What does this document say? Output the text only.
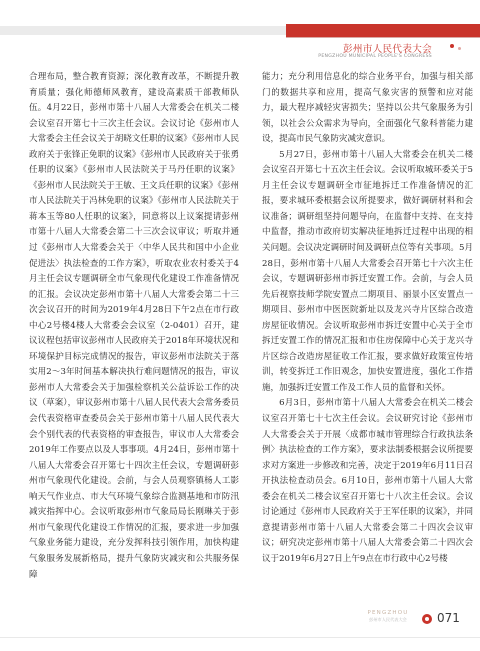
彭州市人民代表大会
PENGZHOU MUNICIPAL PEOPLE'S CONGRESS

合理布局，整合教育资源；深化教育改革，不断提升教育质量；强化师德师风教育，建设高素质干部教师队伍。4月22日，彭州市第十八届人大常委会在机关二楼会议室召开第七十三次主任会议。会议讨论《彭州市人大常委会主任会议关于胡晓文任职的议案》《彭州市人民政府关于张锋正免职的议案》《彭州市人民政府关于张勇任职的议案》《彭州市人民法院关于马丹任职的议案》《彭州市人民法院关于王敏、王文兵任职的议案》《彭州市人民法院关于冯林免职的议案》《彭州市人民法院关于蒋本玉等80人任职的议案》，同意将以上议案提请彭州市第十八届人大常委会第二十三次会议审议；听取并通过《彭州市人大常委会关于〈中华人民共和国中小企业促进法〉执法检查的工作方案》，听取农业农村委关于4月主任会议专题调研全市气象现代化建设工作准备情况的汇报。会议决定彭州市第十八届人大常委会第二十三次会议召开的时间为2019年4月28日下午2点在市行政中心2号楼4楼人大常委会会议室（2-0401）召开，建议议程包括审议彭州市人民政府关于2018年环境状况和环境保护目标完成情况的报告，审议彭州市法院关于落实用2～3年时间基本解决执行难问题情况的报告，审议彭州市人大常委会关于加强检察机关公益诉讼工作的决议（草案），审议彭州市第十八届人民代表大会常务委员会代表资格审查委员会关于彭州市第十八届人民代表大会个别代表的代表资格的审查报告，审议市人大常委会2019年工作要点以及人事事项。4月24日，彭州市第十八届人大常委会召开第七十四次主任会议，专题调研彭州市气象现代化建设。会前，与会人员观察镇杨人工影响天气作业点、市大气环境气象综合监测基地和市防汛减灾指挥中心。会议听取彭州市气象局局长刚琳关于彭州市气象现代化建设工作情况的汇报，要求进一步加强气象业务能力建设，充分发挥科技引领作用，加快构建气象服务发展新格局，提升气象防灾减灾和公共服务保障

能力；充分利用信息化的综合业务平台，加强与相关部门的数据共享和应用，提高气象灾害的预警和应对能力，最大程序减轻灾害损失；坚持以公共气象服务为引领，以社会公众需求为导向，全面强化气象科普能力建设，提高市民气象防灾减灾意识。

5月27日，彭州市第十八届人大常委会在机关二楼会议室召开第七十五次主任会议。会议听取城环委关于5月主任会议专题调研全市征地拆迁工作准备情况的汇报，要求城环委根据会议所提要求，做好调研材料和会议准备；调研组坚持问题导向，在监督中支持、在支持中监督，推动市政府切实解决征地拆迁过程中出现的相关问题。会议决定调研时间及调研点位等有关事项。5月28日，彭州市第十八届人大常委会召开第七十六次主任会议，专题调研彭州市拆迁安置工作。会前，与会人员先后视察技师学院安置点二期项目、丽景小区安置点一期项目、彭州市中医医院新址以及龙兴寺片区综合改造房屋征收情况。会议听取彭州市拆迁安置中心关于全市拆迁安置工作的情况汇报和市住房保障中心关于龙兴寺片区综合改造房屋征收工作汇报，要求做好政策宣传培训，转变拆迁工作旧观念，加快安置进度，强化工作措施，加强拆迁安置工作及工作人员的监督和关怀。

6月3日，彭州市第十八届人大常委会在机关二楼会议室召开第七十七次主任会议。会议研究讨论《彭州市人大常委会关于开展〈成都市城市管理综合行政执法条例〉执法检查的工作方案》，要求法制委根据会议所提要求对方案进一步修改和完善，决定于2019年6月11日召开执法检查动员会。6月10日，彭州市第十八届人大常委会在机关二楼会议室召开第七十八次主任会议。会议讨论通过《彭州市人民政府关于王军任职的议案》，并同意提请彭州市第十八届人大常委会第二十四次会议审议；研究决定彭州市第十八届人大常委会第二十四次会议于2019年6月27日上午9点在市行政中心2号楼

PENGZHOU
彭州市人民代表大会	071
